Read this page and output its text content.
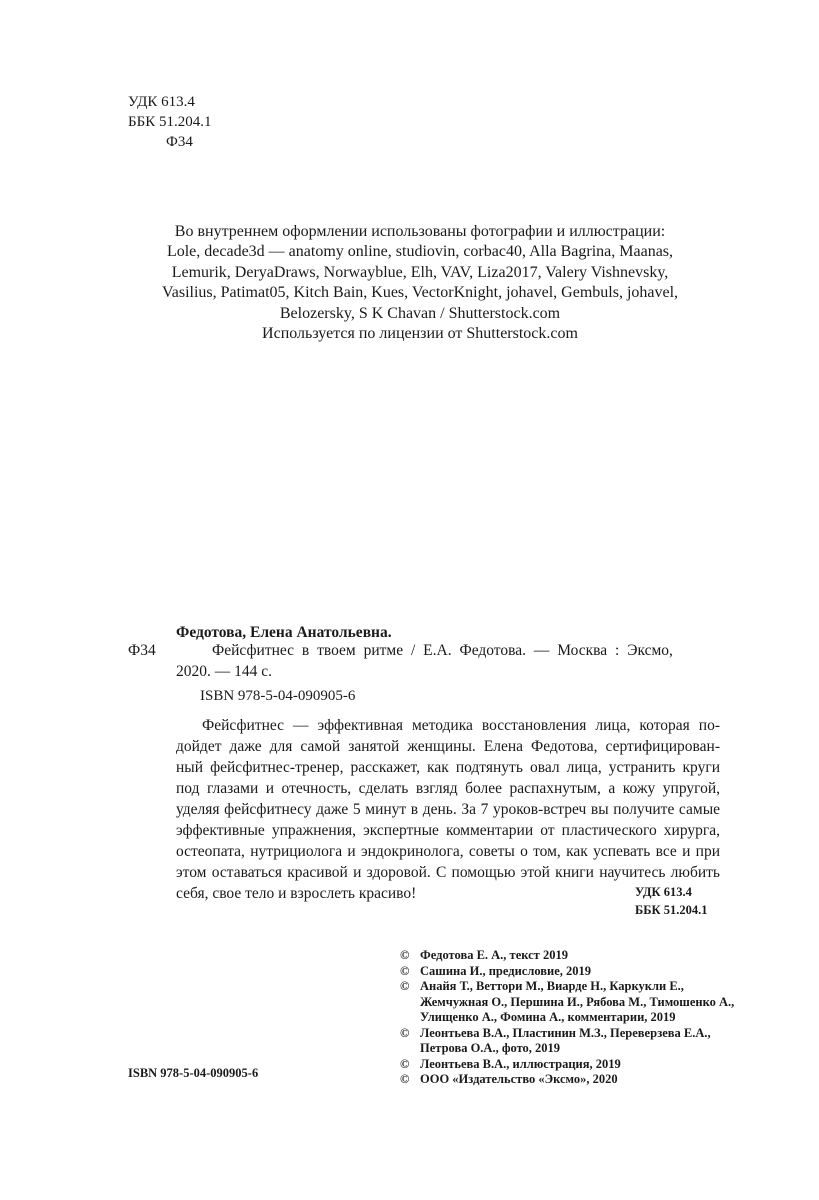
УДК 613.4
ББК 51.204.1
Ф34
Во внутреннем оформлении использованы фотографии и иллюстрации:
Lole, decade3d — anatomy online, studiovin, corbac40, Alla Bagrina, Maanas,
Lemurik, DeryaDraws, Norwayblue, Elh, VAV, Liza2017, Valery Vishnevsky,
Vasilius, Patimat05, Kitch Bain, Kues, VectorKnight, johavel, Gembuls, johavel,
Belozersky, S K Chavan / Shutterstock.com
Используется по лицензии от Shutterstock.com
Федотова, Елена Анатольевна.
Ф34	Фейсфитнес в твоем ритме / Е.А. Федотова. — Москва : Эксмо,
2020. — 144 с.
ISBN 978-5-04-090905-6
Фейсфитнес — эффективная методика восстановления лица, которая по-
дойдет даже для самой занятой женщины. Елена Федотова, сертифицирован-
ный фейсфитнес-тренер, расскажет, как подтянуть овал лица, устранить круги
под глазами и отечность, сделать взгляд более распахнутым, а кожу упругой,
уделяя фейсфитнесу даже 5 минут в день. За 7 уроков-встреч вы получите самые
эффективные упражнения, экспертные комментарии от пластического хирурга,
остеопата, нутрициолога и эндокринолога, советы о том, как успевать все и при
этом оставаться красивой и здоровой. С помощью этой книги научитесь любить
себя, свое тело и взрослеть красиво!	УДК 613.4
ББК 51.204.1
© Федотова Е. А., текст 2019
© Сашина И., предисловие, 2019
© Анайя Т., Веттори М., Виарде Н., Каркукли Е.,
Жемчужная О., Першина И., Рябова М., Тимошенко А.,
Улищенко А., Фомина А., комментарии, 2019
© Леонтьева В.А., Пластинин М.З., Переверзева Е.А.,
Петрова О.А., фото, 2019
© Леонтьева В.А., иллюстрация, 2019
© ООО «Издательство «Эксмо», 2020
ISBN 978-5-04-090905-6
